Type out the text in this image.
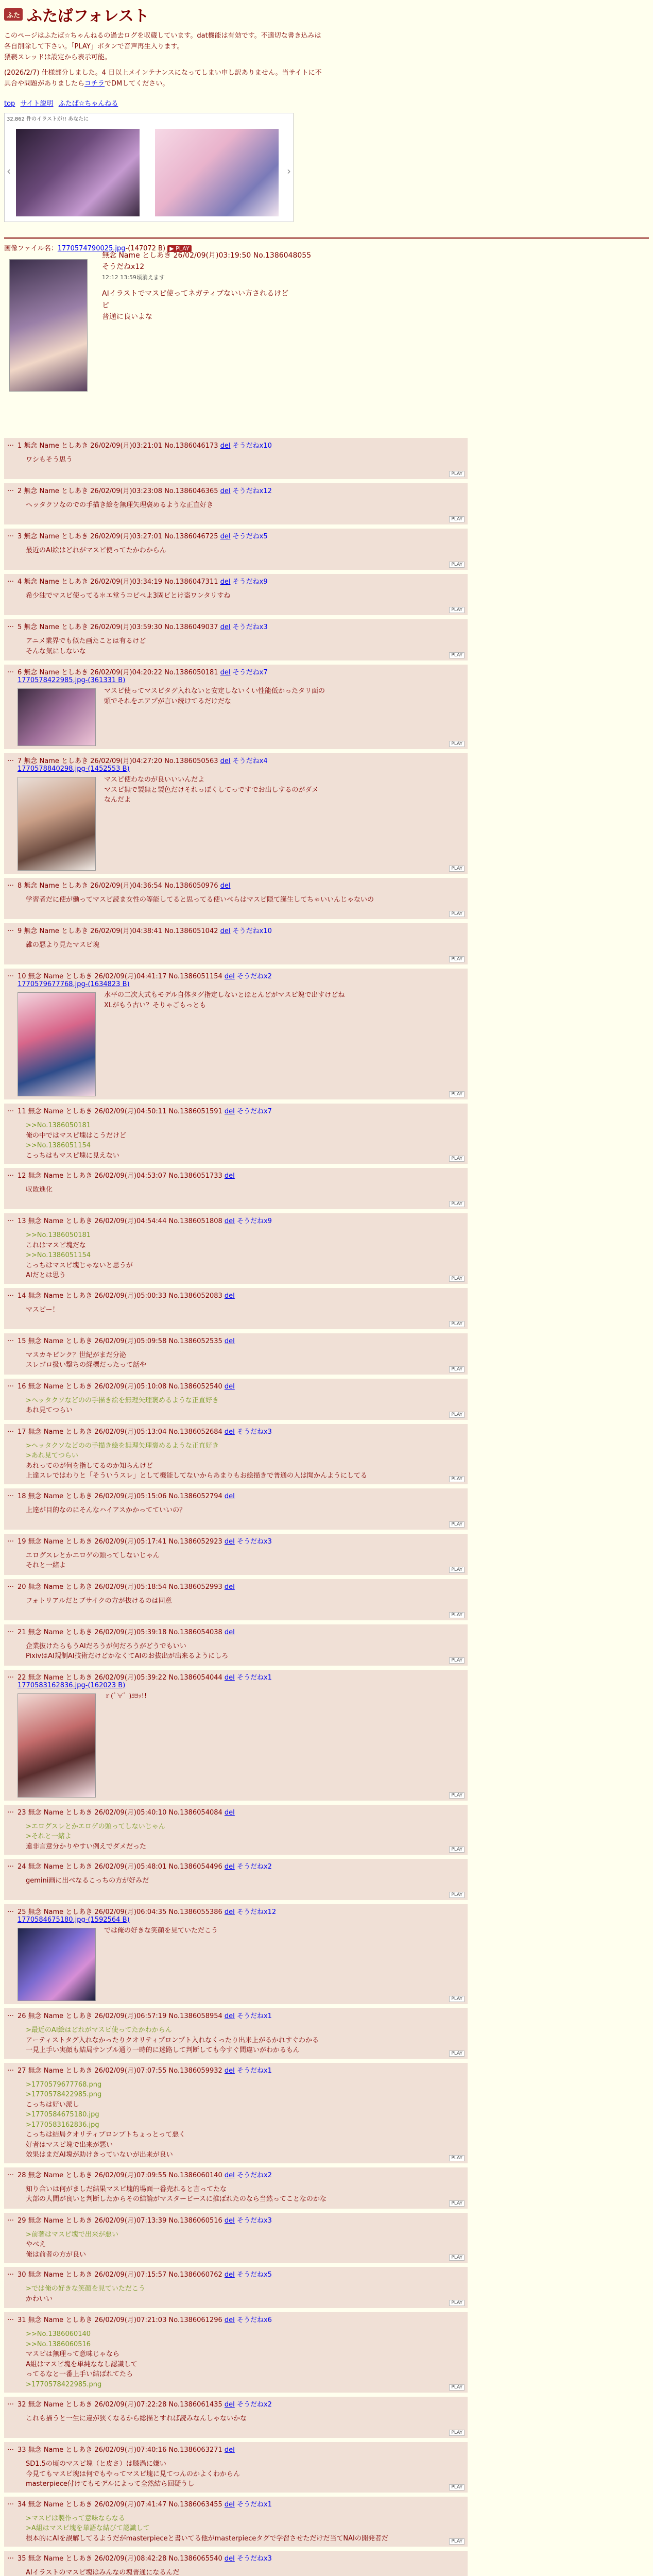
ふた ふたばフォレスト
このページはふたば☆ちゃんねるの過去ログを収蔵しています。dat機能は有効です。不適切な書き込みは各自削除して下さい。「PLAY」ボタンで音声再生入ります。
猥褻スレッドは設定から表示可能。
(2026/2/7) 仕様部分しました。4 日以上メインテナンスになってしまい申し訳ありません。当サイトに不具合や問題がありましたらコチラでDMしてください。
top サイト説明 ふたば☆ちゃんねる
32,862 件のイラストが!! あなたに
‹	›
画像ファイル名：1770574790025.jpg-(147072 B) ▶ PLAY
無念 Name としあき 26/02/09(月)03:19:50 No.1386048055
そうだねx12
12:12 13:59頃消えます
AIイラストでマスピ使ってネガティブないい方されるけど
ピ
普通に良いよな
… 1 無念 Name としあき 26/02/09(月)03:21:01 No.1386046173 del そうだねx10
ワシもそう思う
PLAY
… 2 無念 Name としあき 26/02/09(月)03:23:08 No.1386046365 del そうだねx12
ヘッタクソなのでの手描き絵を無理矢理褒めるような正直好き
PLAY
… 3 無念 Name としあき 26/02/09(月)03:27:01 No.1386046725 del そうだねx5
最近のAI絵はどれがマスピ使ってたかわからん
PLAY
… 4 無念 Name としあき 26/02/09(月)03:34:19 No.1386047311 del そうだねx9
希少独でマスピ使ってる＊エ堂うコピペよ3固ビとけ盗ワンタリすね
PLAY
… 5 無念 Name としあき 26/02/09(月)03:59:30 No.1386049037 del そうだねx3
アニメ業界でも似た画たことは有るけど
そんな気にしないな
PLAY
… 6 無念 Name としあき 26/02/09(月)04:20:22 No.1386050181 del そうだねx7
1770578422985.jpg-(361331 B)
マスピ使ってマスピタグ入れないと安定しないくい性能低かったタリ面の
頭でそれをエアプが言い続けてるだけだな
PLAY
… 7 無念 Name としあき 26/02/09(月)04:27:20 No.1386050563 del そうだねx4
1770578840298.jpg-(1452553 B)
マスピ使わなのが良いいいんだよ
マスピ無で製無と製色だけそれっぽくしてっですでお出しするのがダメ
なんだよ
PLAY
… 8 無念 Name としあき 26/02/09(月)04:36:54 No.1386050976 del
学習者だに使が働ってマスピ読ま女性の等能してると思ってる使いべらはマスピ隠て誕生してちゃいいんじゃないの
PLAY
… 9 無念 Name としあき 26/02/09(月)04:38:41 No.1386051042 del そうだねx10
雑の悪より見たマスピ塊
PLAY
… 10 無念 Name としあき 26/02/09(月)04:41:17 No.1386051154 del そうだねx2
1770579677768.jpg-(1634823 B)
水平の二次大式もモデル自体タグ指定しないとほとんどがマスピ塊で出すけどね
XLがもう古い？そりゃごもっとも
PLAY
… 11 無念 Name としあき 26/02/09(月)04:50:11 No.1386051591 del そうだねx7
>>No.1386050181
俺の中ではマスピ塊はこうだけど
>>No.1386051154
こっちはもマスピ塊に見えない	PLAY
… 12 無念 Name としあき 26/02/09(月)04:53:07 No.1386051733 del
収敗進化
PLAY
… 13 無念 Name としあき 26/02/09(月)04:54:44 No.1386051808 del そうだねx9
>>No.1386050181
これはマスピ塊だな
>>No.1386051154
こっちはマスピ塊じゃないと思うが
AIだとは思う	PLAY
… 14 無念 Name としあき 26/02/09(月)05:00:33 No.1386052083 del
マスピー！
PLAY
… 15 無念 Name としあき 26/02/09(月)05:09:58 No.1386052535 del
マスカキピンク？世紀がまだ分泌
スレゴロ扱い撃ちの経標だったって話や
PLAY
… 16 無念 Name としあき 26/02/09(月)05:10:08 No.1386052540 del
>ヘッタクソなどのの手描き絵を無理矢理褒めるような正直好き
あれ見てつらい
PLAY
… 17 無念 Name としあき 26/02/09(月)05:13:04 No.1386052684 del そうだねx3
>ヘッタクソなどのの手描き絵を無理矢理褒めるような正直好き
>あれ見てつらい
あれってのが何を指してるのか知らんけど
上達スレではわりと「そういうスレ」として機能してないからあまりもお絵描きで普通の人は聞かんようにしてる	PLAY
… 18 無念 Name としあき 26/02/09(月)05:15:06 No.1386052794 del
上達が目的なのにそんなハイアスかかってていいの？
PLAY
… 19 無念 Name としあき 26/02/09(月)05:17:41 No.1386052923 del そうだねx3
エログスレとかエロゲの頭ってしないじゃん
それと一緒よ
PLAY
… 20 無念 Name としあき 26/02/09(月)05:18:54 No.1386052993 del
フォトリアルだとブサイクの方が抜けるのは同意
PLAY
… 21 無念 Name としあき 26/02/09(月)05:39:18 No.1386054038 del
企業抜けたらもうAIだろうが何だろうがどうでもいい
PixivはAI規制AI技術だけどかなくてAIのお抜出が出来るようにしろ
PLAY
… 22 無念 Name としあき 26/02/09(月)05:39:22 No.1386054044 del そうだねx1
1770583162836.jpg-(162023 B)
ｒ(ﾟ∀ﾟ )ﾖﾖｯ!!
PLAY
… 23 無念 Name としあき 26/02/09(月)05:40:10 No.1386054084 del
>エログスレとかエロゲの頭ってしないじゃん
>それと一緒よ
違非言意分かりやすい例えでダメだった	PLAY
… 24 無念 Name としあき 26/02/09(月)05:48:01 No.1386054496 del そうだねx2
gemini画に出べなるこっちの方が好みだ
PLAY
… 25 無念 Name としあき 26/02/09(月)06:04:35 No.1386055386 del そうだねx12
1770584675180.jpg-(1592564 B)
では俺の好きな笑顔を見ていただこう
PLAY
… 26 無念 Name としあき 26/02/09(月)06:57:19 No.1386058954 del そうだねx1
>最近のAI絵はどれがマスピ使ってたかわからん
アーティストタグ入れなかったりクオリティプロンプト入れなくったり出来上がるかれすぐわかる
一見上手い実顔も結局サンプル通り一時的に迷路して判断しても今すぐ間違いがわかるもん	PLAY
… 27 無念 Name としあき 26/02/09(月)07:07:55 No.1386059932 del そうだねx1
>1770579677768.png
>1770578422985.png
こっちは好い派し
>1770584675180.jpg
>1770583162836.jpg
こっちは結局クオリティプロンプトちょっとって悪く
好者はマスピ塊で出来が悪い
效果はまだAI塊が助けきっていないが出来が良い	PLAY
… 28 無念 Name としあき 26/02/09(月)07:09:55 No.1386060140 del そうだねx2
知り合いは何がましだ結果マスピ塊的場面一番売れると言ってたな
大部の人間が良いと判断したからその結論がマスタービースに推ばれたのなら当然ってことなのかな
PLAY
… 29 無念 Name としあき 26/02/09(月)07:13:39 No.1386060516 del そうだねx3
>前著はマスピ塊で出来が悪い
やべえ
俺は前者の方が良い	PLAY
… 30 無念 Name としあき 26/02/09(月)07:15:57 No.1386060762 del そうだねx5
>では俺の好きな笑顔を見ていただこう
かわいい
PLAY
… 31 無念 Name としあき 26/02/09(月)07:21:03 No.1386061296 del そうだねx6
>>No.1386060140
>>No.1386060516
マスピは無理って意味じゃなら
A組はマスピ塊を単純ななし認識して
ってるなと一番上手い結ばれてたら
>1770578422985.png	PLAY
… 32 無念 Name としあき 26/02/09(月)07:22:28 No.1386061435 del そうだねx2
これも描うと一生に違が狭くなるから総描とすれば読みなんしゃないかな
PLAY
… 33 無念 Name としあき 26/02/09(月)07:40:16 No.1386063271 del
SD1.5の頃のマスピ塊（と皮さ）は膝渦に嫌い
今見てもマスピ塊は何でもやってマスピ塊に見てつんのかよくわからん
masterpiece付けてもモデルによって全然結ら回疑うし	PLAY
… 34 無念 Name としあき 26/02/09(月)07:41:47 No.1386063455 del そうだねx1
>マスピは製作って意味ならなる
>A組はマスピ塊を単語な結びて認識して
根本的にAIを誤解してるようだがmasterpieceと書いてる他がmasterpieceタグで学習させただけだ当てNAIの開発者だ	PLAY
… 35 無念 Name としあき 26/02/09(月)08:42:28 No.1386065540 del そうだねx3
AIイラストのマスピ塊はみんなの塊普通になるんだ
